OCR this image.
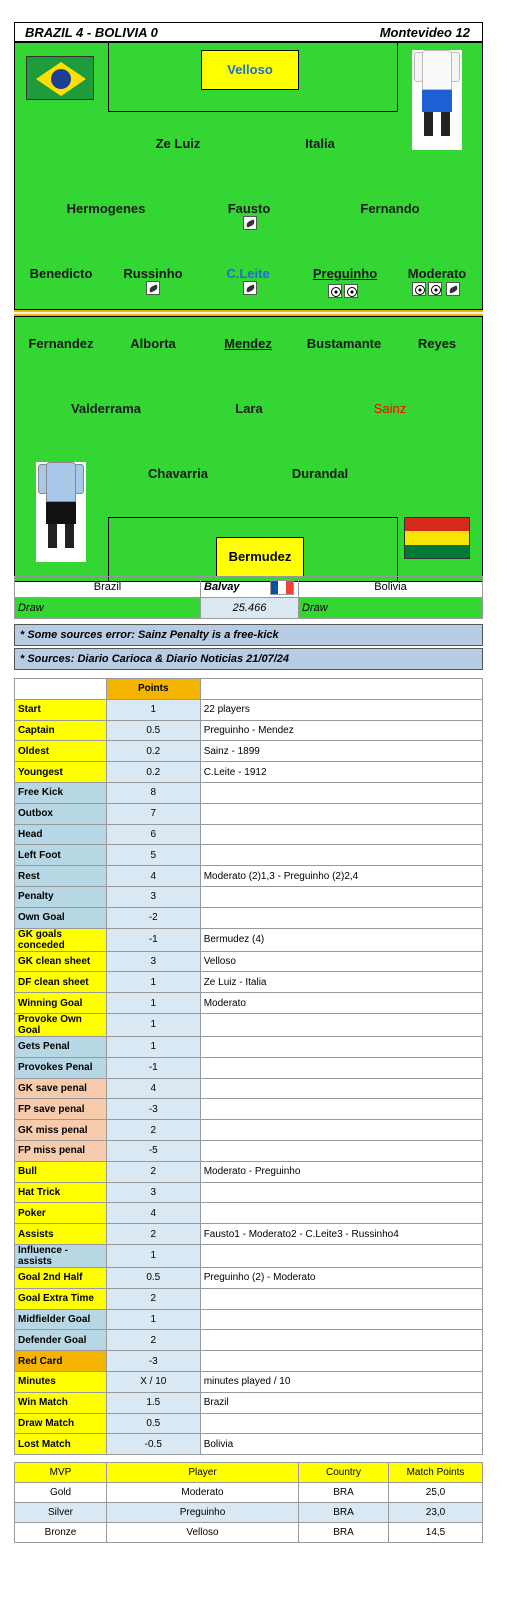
BRAZIL 4 - BOLIVIA 0	Montevideo 12
Velloso
Ze Luiz	Italia
Hermogenes	Fausto	Fernando
Benedicto	Russinho	C.Leite	Preguinho	Moderato
Bermudez
Fernandez	Alborta	Mendez	Bustamante	Reyes
Valderrama	Lara	Sainz
Chavarria	Durandal
Brazil	Balvay	Bolivia
Draw	25.466	Draw
* Some sources error: Sainz Penalty is a free-kick
* Sources: Diario Carioca & Diario Noticias 21/07/24
	Points	
Start	1	22 players
Captain	0.5	Preguinho - Mendez
Oldest	0.2	Sainz - 1899
Youngest	0.2	C.Leite - 1912
Free Kick	8	
Outbox	7	
Head	6	
Left Foot	5	
Rest	4	Moderato (2)1,3 - Preguinho (2)2,4
Penalty	3	
Own Goal	-2	
GK goals conceded	-1	Bermudez (4)
GK clean sheet	3	Velloso
DF clean sheet	1	Ze Luiz - Italia
Winning Goal	1	Moderato
Provoke Own Goal	1	
Gets Penal	1	
Provokes Penal	-1	
GK save penal	4	
FP save penal	-3	
GK miss penal	2	
FP miss penal	-5	
Bull	2	Moderato - Preguinho
Hat Trick	3	
Poker	4	
Assists	2	Fausto1 - Moderato2 - C.Leite3 - Russinho4
Influence - assists	1	
Goal 2nd Half	0.5	Preguinho (2) - Moderato
Goal Extra Time	2	
Midfielder Goal	1	
Defender Goal	2	
Red Card	-3	
Minutes	X / 10	minutes played / 10
Win Match	1.5	Brazil
Draw Match	0.5	
Lost Match	-0.5	Bolivia
MVP	Player	Country	Match Points
Gold	Moderato	BRA	25,0
Silver	Preguinho	BRA	23,0
Bronze	Velloso	BRA	14,5
